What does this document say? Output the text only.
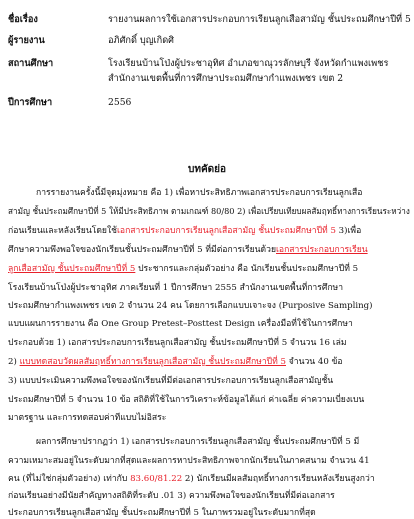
ชื่อเรื่อง	รายงานผลการใช้เอกสารประกอบการเรียนลูกเสือสามัญ ชั้นประถมศึกษาปีที่ 5
ผู้รายงาน	อภิศักดิ์ บุญเกิดศิ
สถานศึกษา	โรงเรียนบ้านโป่งผู้ประชาอุทิศ อำเภอขาณุวรลักษบุรี จังหวัดกำแพงเพชร
สำนักงานเขตพื้นที่การศึกษาประถมศึกษากำแพงเพชร เขต 2
ปีการศึกษา	2556
บทคัดย่อ
การรายงานครั้งนี้มีจุดมุ่งหมาย คือ 1) เพื่อหาประสิทธิภาพเอกสารประกอบการเรียนลูกเสือ
สามัญ ชั้นประถมศึกษาปีที่ 5 ให้มีประสิทธิภาพ ตามเกณฑ์ 80/80 2) เพื่อเปรียบเทียบผลสัมฤทธิ์ทางการเรียนระหว่าง
ก่อนเรียนและหลังเรียนโดยใช้เอกสารประกอบการเรียนลูกเสือสามัญ ชั้นประถมศึกษาปีที่ 5 3)เพื่อ
ศึกษาความพึงพอใจของนักเรียนชั้นประถมศึกษาปีที่ 5 ที่มีต่อการเรียนด้วยเอกสารประกอบการเรียน
ลูกเสือสามัญ ชั้นประถมศึกษาปีที่ 5 ประชากรและกลุ่มตัวอย่าง คือ นักเรียนชั้นประถมศึกษาปีที่ 5
โรงเรียนบ้านโป่งผู้ประชาอุทิศ ภาคเรียนที่ 1 ปีการศึกษา 2555 สำนักงานเขตพื้นที่การศึกษา
ประถมศึกษากำแพงเพชร เขต 2 จำนวน 24 คน โดยการเลือกแบบเจาะจง (Purposive Sampling)
แบบแผนการรายงาน คือ One Group Pretest–Posttest Design เครื่องมือที่ใช้ในการศึกษา
ประกอบด้วย 1) เอกสารประกอบการเรียนลูกเสือสามัญ ชั้นประถมศึกษาปีที่ 5 จำนวน 16 เล่ม
2) แบบทดสอบวัดผลสัมฤทธิ์ทางการเรียนลูกเสือสามัญ ชั้นประถมศึกษาปีที่ 5 จำนวน 40 ข้อ
3) แบบประเมินความพึงพอใจของนักเรียนที่มีต่อเอกสารประกอบการเรียนลูกเสือสามัญชั้น
ประถมศึกษาปีที่ 5 จำนวน 10 ข้อ สถิติที่ใช้ในการวิเคราะห์ข้อมูลได้แก่ ค่าเฉลี่ย ค่าความเบี่ยงเบน
มาตรฐาน และการทดสอบค่าทีแบบไม่อิสระ
ผลการศึกษาปรากฏว่า 1) เอกสารประกอบการเรียนลูกเสือสามัญ ชั้นประถมศึกษาปีที่ 5 มี
ความเหมาะสมอยู่ในระดับมากที่สุดและผลการหาประสิทธิภาพจากนักเรียนในภาคสนาม จำนวน 41
คน (ที่ไม่ใช่กลุ่มตัวอย่าง) เท่ากับ 83.60/81.22 2) นักเรียนมีผลสัมฤทธิ์ทางการเรียนหลังเรียนสูงกว่า
ก่อนเรียนอย่างมีนัยสำคัญทางสถิติที่ระดับ .01 3) ความพึงพอใจของนักเรียนที่มีต่อเอกสาร
ประกอบการเรียนลูกเสือสามัญ ชั้นประถมศึกษาปีที่ 5 ในภาพรวมอยู่ในระดับมากที่สุด
